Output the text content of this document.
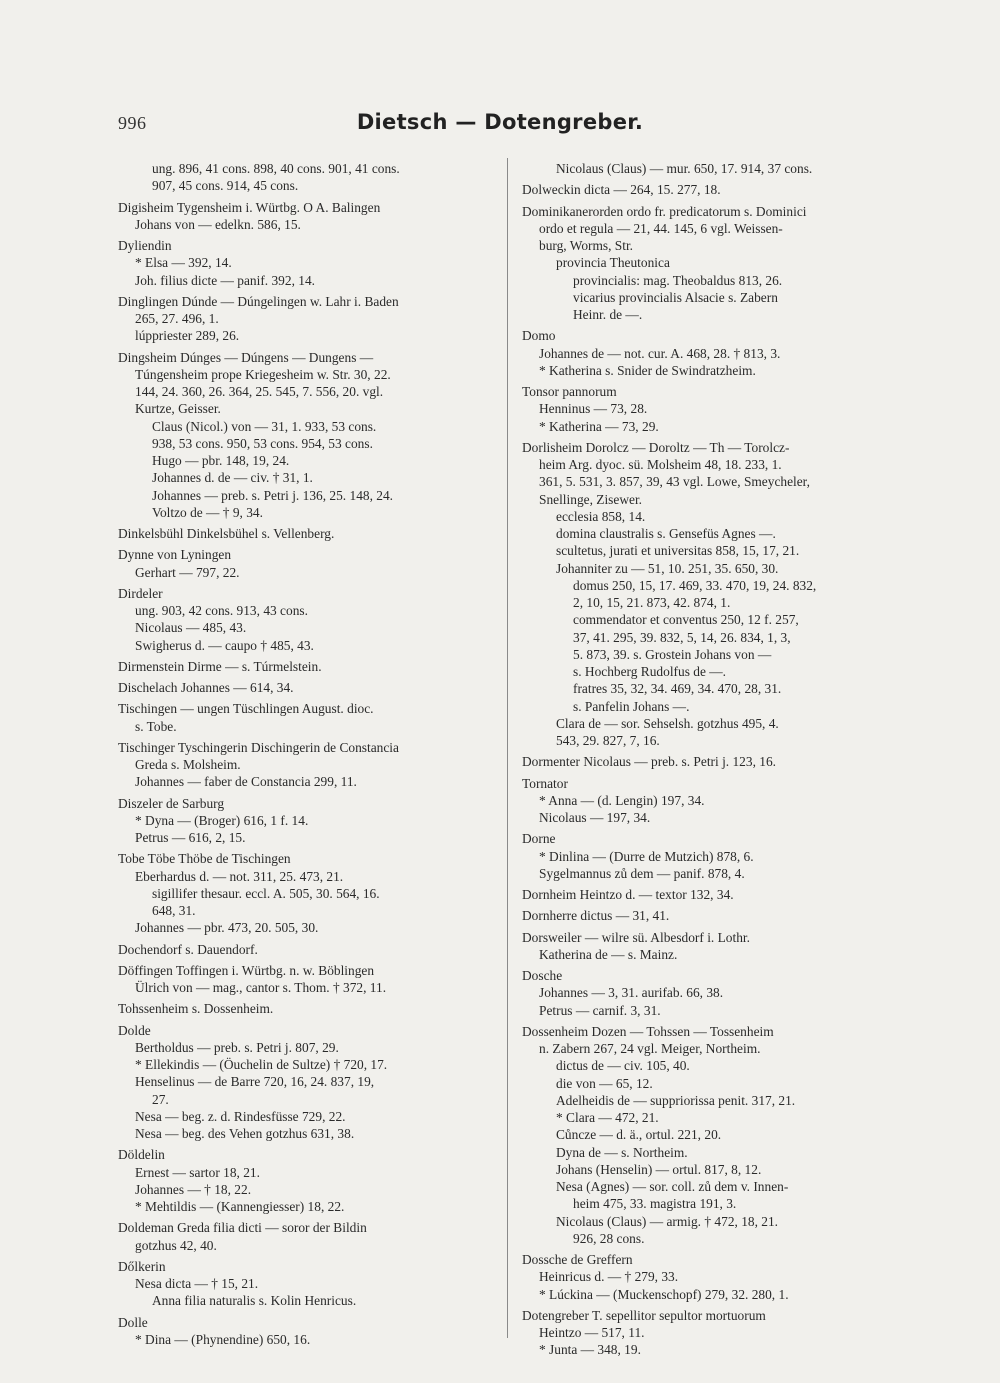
996	Dietsch — Dotengreber.
ung. 896, 41 cons. 898, 40 cons. 901, 41 cons.
907, 45 cons. 914, 45 cons.
Digisheim Tygensheim i. Würtbg. O A. Balingen
Johans von — edelkn. 586, 15.
Dyliendin
* Elsa — 392, 14.
Joh. filius dicte — panif. 392, 14.
Dinglingen Dúnde — Dúngelingen w. Lahr i. Baden
265, 27. 496, 1.
lúppriester 289, 26.
Dingsheim Dúnges — Dúngens — Dungens —
Túngensheim prope Kriegesheim w. Str. 30, 22.
144, 24. 360, 26. 364, 25. 545, 7. 556, 20. vgl.
Kurtze, Geisser.
Claus (Nicol.) von — 31, 1. 933, 53 cons.
938, 53 cons. 950, 53 cons. 954, 53 cons.
Hugo — pbr. 148, 19, 24.
Johannes d. de — civ. † 31, 1.
Johannes — preb. s. Petri j. 136, 25. 148, 24.
Voltzo de — † 9, 34.
Dinkelsbühl Dinkelsbühel s. Vellenberg.
Dynne von Lyningen
Gerhart — 797, 22.
Dirdeler
ung. 903, 42 cons. 913, 43 cons.
Nicolaus — 485, 43.
Swigherus d. — caupo † 485, 43.
Dirmenstein Dirme — s. Túrmelstein.
Dischelach Johannes — 614, 34.
Tischingen — ungen Tüschlingen August. dioc.
s. Tobe.
Tischinger Tyschingerin Dischingerin de Constancia
Greda s. Molsheim.
Johannes — faber de Constancia 299, 11.
Diszeler de Sarburg
* Dyna — (Broger) 616, 1 f. 14.
Petrus — 616, 2, 15.
Tobe Töbe Thöbe de Tischingen
Eberhardus d. — not. 311, 25. 473, 21.
sigillifer thesaur. eccl. A. 505, 30. 564, 16.
648, 31.
Johannes — pbr. 473, 20. 505, 30.
Dochendorf s. Dauendorf.
Döffingen Toffingen i. Würtbg. n. w. Böblingen
Ülrich von — mag., cantor s. Thom. † 372, 11.
Tohssenheim s. Dossenheim.
Dolde
Bertholdus — preb. s. Petri j. 807, 29.
* Ellekindis — (Öuchelin de Sultze) † 720, 17.
Henselinus — de Barre 720, 16, 24. 837, 19,
27.
Nesa — beg. z. d. Rindesfüsse 729, 22.
Nesa — beg. des Vehen gotzhus 631, 38.
Döldelin
Ernest — sartor 18, 21.
Johannes — † 18, 22.
* Mehtildis — (Kannengiesser) 18, 22.
Doldeman Greda filia dicti — soror der Bildin
gotzhus 42, 40.
Dőlkerin
Nesa dicta — † 15, 21.
Anna filia naturalis s. Kolin Henricus.
Dolle
* Dina — (Phynendine) 650, 16.
Nicolaus (Claus) — mur. 650, 17. 914, 37 cons.
Dolweckin dicta — 264, 15. 277, 18.
Dominikanerorden ordo fr. predicatorum s. Dominici
ordo et regula — 21, 44. 145, 6 vgl. Weissen-
burg, Worms, Str.
provincia Theutonica
provincialis: mag. Theobaldus 813, 26.
vicarius provincialis Alsacie s. Zabern
Heinr. de —.
Domo
Johannes de — not. cur. A. 468, 28. † 813, 3.
* Katherina s. Snider de Swindratzheim.
Tonsor pannorum
Henninus — 73, 28.
* Katherina — 73, 29.
Dorlisheim Dorolcz — Doroltz — Th — Torolcz-
heim Arg. dyoc. sü. Molsheim 48, 18. 233, 1.
361, 5. 531, 3. 857, 39, 43 vgl. Lowe, Smeycheler,
Snellinge, Zisewer.
ecclesia 858, 14.
domina claustralis s. Gensefüs Agnes —.
scultetus, jurati et universitas 858, 15, 17, 21.
Johanniter zu — 51, 10. 251, 35. 650, 30.
domus 250, 15, 17. 469, 33. 470, 19, 24. 832,
2, 10, 15, 21. 873, 42. 874, 1.
commendator et conventus 250, 12 f. 257,
37, 41. 295, 39. 832, 5, 14, 26. 834, 1, 3,
5. 873, 39. s. Grostein Johans von —
s. Hochberg Rudolfus de —.
fratres 35, 32, 34. 469, 34. 470, 28, 31.
s. Panfelin Johans —.
Clara de — sor. Sehselsh. gotzhus 495, 4.
543, 29. 827, 7, 16.
Dormenter Nicolaus — preb. s. Petri j. 123, 16.
Tornator
* Anna — (d. Lengin) 197, 34.
Nicolaus — 197, 34.
Dorne
* Dinlina — (Durre de Mutzich) 878, 6.
Sygelmannus zů dem — panif. 878, 4.
Dornheim Heintzo d. — textor 132, 34.
Dornherre dictus — 31, 41.
Dorsweiler — wilre sü. Albesdorf i. Lothr.
Katherina de — s. Mainz.
Dosche
Johannes — 3, 31. aurifab. 66, 38.
Petrus — carnif. 3, 31.
Dossenheim Dozen — Tohssen — Tossenheim
n. Zabern 267, 24 vgl. Meiger, Northeim.
dictus de — civ. 105, 40.
die von — 65, 12.
Adelheidis de — suppriorissa penit. 317, 21.
* Clara — 472, 21.
Cůncze — d. ä., ortul. 221, 20.
Dyna de — s. Northeim.
Johans (Henselin) — ortul. 817, 8, 12.
Nesa (Agnes) — sor. coll. zů dem v. Innen-
heim 475, 33. magistra 191, 3.
Nicolaus (Claus) — armig. † 472, 18, 21.
926, 28 cons.
Dossche de Greffern
Heinricus d. — † 279, 33.
* Lúckina — (Muckenschopf) 279, 32. 280, 1.
Dotengreber T. sepellitor sepultor mortuorum
Heintzo — 517, 11.
* Junta — 348, 19.
